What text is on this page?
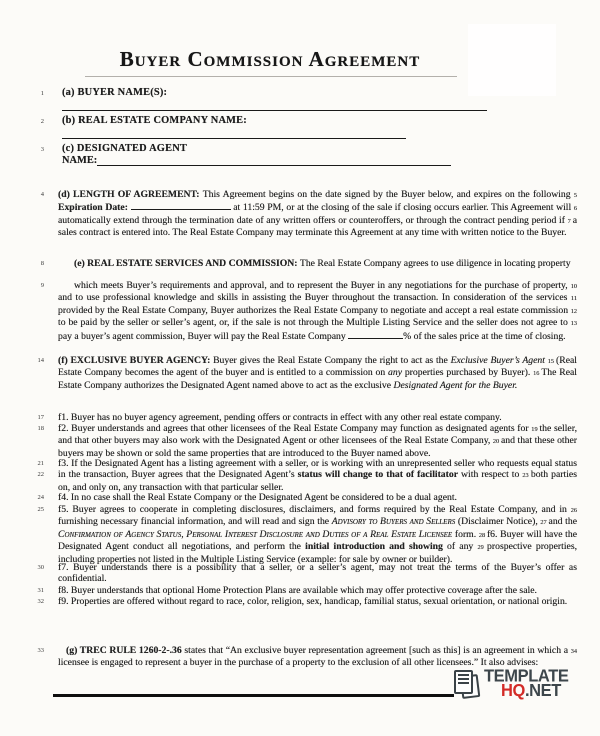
Buyer Commission Agreement
1 (a) BUYER NAME(S):
2 (b) REAL ESTATE COMPANY NAME:
3 (c) DESIGNATED AGENT
NAME:
4 (d) LENGTH OF AGREEMENT: This Agreement begins on the date signed by the Buyer below, and expires on the following 5 Expiration Date:	at 11:59 PM, or at the closing of the sale if closing occurs earlier. This Agreement will 6 automatically extend through the termination date of any written offers or counteroffers, or through the contract pending period if 7 a sales contract is entered into. The Real Estate Company may terminate this Agreement at any time with written notice to the Buyer.
8	(e) REAL ESTATE SERVICES AND COMMISSION: The Real Estate Company agrees to use diligence in locating property
9	which meets Buyer’s requirements and approval, and to represent the Buyer in any negotiations for the purchase of property, 10 and to use professional knowledge and skills in assisting the Buyer throughout the transaction. In consideration of the services 11 provided by the Real Estate Company, Buyer authorizes the Real Estate Company to negotiate and accept a real estate commission 12 to be paid by the seller or seller’s agent, or, if the sale is not through the Multiple Listing Service and the seller does not agree to 13 pay a buyer’s agent commission, Buyer will pay the Real Estate Company	% of the sales price at the time of closing.
14 (f) EXCLUSIVE BUYER AGENCY: Buyer gives the Real Estate Company the right to act as the Exclusive Buyer’s Agent 15 (Real Estate Company becomes the agent of the buyer and is entitled to a commission on any properties purchased by Buyer). 16 The Real Estate Company authorizes the Designated Agent named above to act as the exclusive Designated Agent for the Buyer.
17 f1. Buyer has no buyer agency agreement, pending offers or contracts in effect with any other real estate company.
18 f2. Buyer understands and agrees that other licensees of the Real Estate Company may function as designated agents for 19 the seller, and that other buyers may also work with the Designated Agent or other licensees of the Real Estate Company, 20 and that these other buyers may be shown or sold the same properties that are introduced to the Buyer named above.
21
22
f3. If the Designated Agent has a listing agreement with a seller, or is working with an unrepresented seller who requests equal status in the transaction, Buyer agrees that the Designated Agent’s status will change to that of facilitator with respect to 23 both parties on, and only on, any transaction with that particular seller.
24 f4. In no case shall the Real Estate Company or the Designated Agent be considered to be a dual agent.
25 f5. Buyer agrees to cooperate in completing disclosures, disclaimers, and forms required by the Real Estate Company, and in 26 furnishing necessary financial information, and will read and sign the Advisory to Buyers and Sellers (Disclaimer Notice), 27 and the Confirmation of Agency Status, Personal Interest Disclosure and Duties of a Real Estate Licensee form. 28 f6. Buyer will have the Designated Agent conduct all negotiations, and perform the initial introduction and showing of any 29 prospective properties, including properties not listed in the Multiple Listing Service (example: for sale by owner or builder).
30 f7. Buyer understands there is a possibility that a seller, or a seller’s agent, may not treat the terms of the Buyer’s offer as confidential.
31 f8. Buyer understands that optional Home Protection Plans are available which may offer protective coverage after the sale.
32 f9. Properties are offered without regard to race, color, religion, sex, handicap, familial status, sexual orientation, or national origin.
33	(g) TREC RULE 1260-2-.36 states that “An exclusive buyer representation agreement [such as this] is an agreement in which a 34 licensee is engaged to represent a buyer in the purchase of a property to the exclusion of all other licensees.” It also advises:
TEMPLATE
HQ.NET
